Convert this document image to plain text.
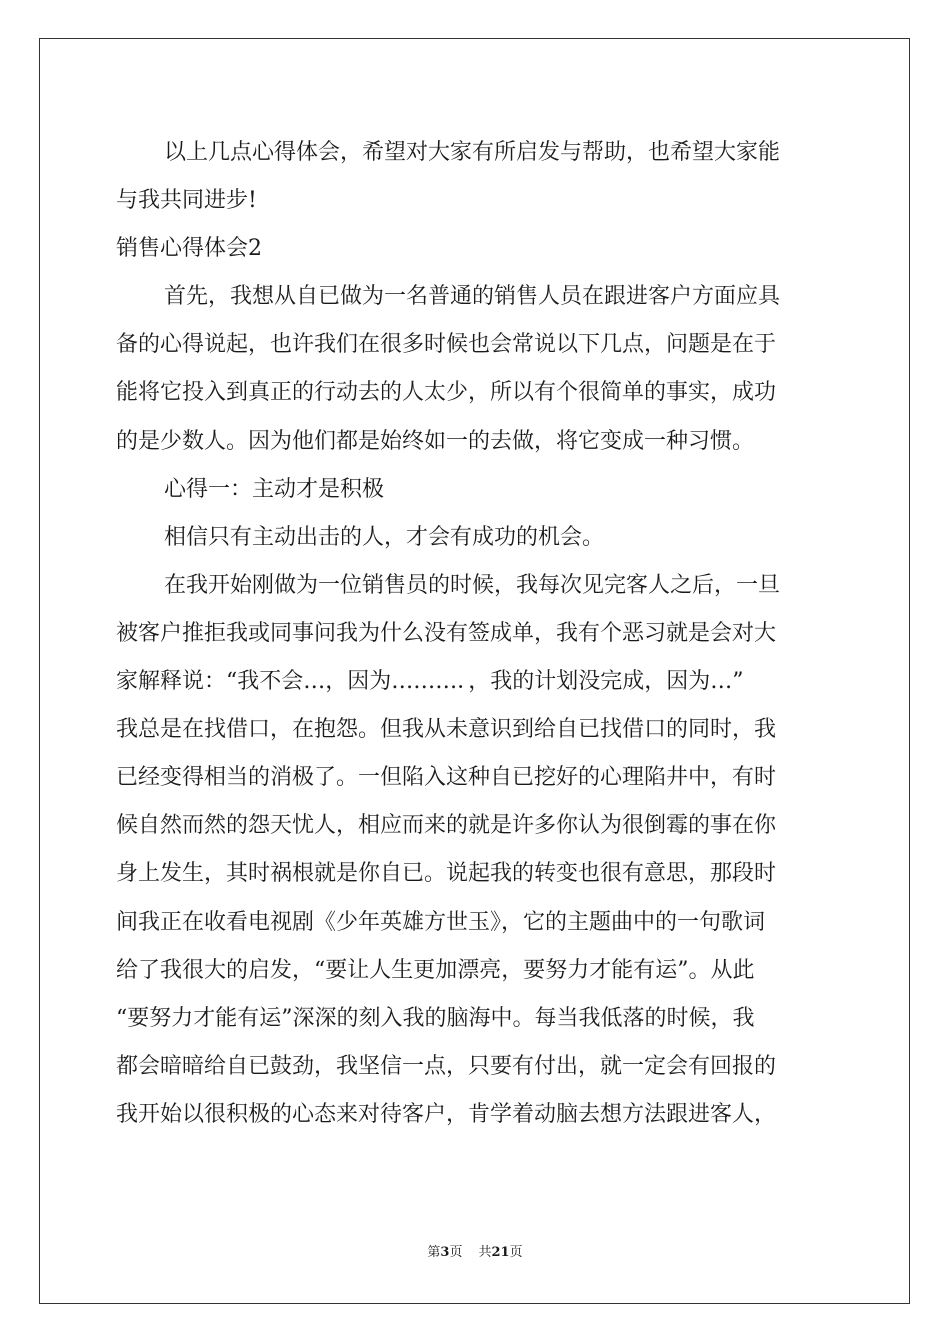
以上几点心得体会，希望对大家有所启发与帮助，也希望大家能
与我共同进步!
销售心得体会2
首先，我想从自已做为一名普通的销售人员在跟进客户方面应具
备的心得说起，也许我们在很多时候也会常说以下几点，问题是在于
能将它投入到真正的行动去的人太少，所以有个很简单的事实，成功
的是少数人。因为他们都是始终如一的去做，将它变成一种习惯。
心得一：主动才是积极
相信只有主动出击的人，才会有成功的机会。
在我开始刚做为一位销售员的时候，我每次见完客人之后，一旦
被客户推拒我或同事问我为什么没有签成单，我有个恶习就是会对大
家解释说：“我不会…，因为………．，我的计划没完成，因为…”
我总是在找借口，在抱怨。但我从未意识到给自已找借口的同时，我
已经变得相当的消极了。一但陷入这种自已挖好的心理陷井中，有时
候自然而然的怨天忧人，相应而来的就是许多你认为很倒霉的事在你
身上发生，其时祸根就是你自已。说起我的转变也很有意思，那段时
间我正在收看电视剧《少年英雄方世玉》，它的主题曲中的一句歌词
给了我很大的启发，“要让人生更加漂亮，要努力才能有运”。从此
“要努力才能有运”深深的刻入我的脑海中。每当我低落的时候，我
都会暗暗给自已鼓劲，我坚信一点，只要有付出，就一定会有回报的
我开始以很积极的心态来对待客户，肯学着动脑去想方法跟进客人，
第3页 共21页
